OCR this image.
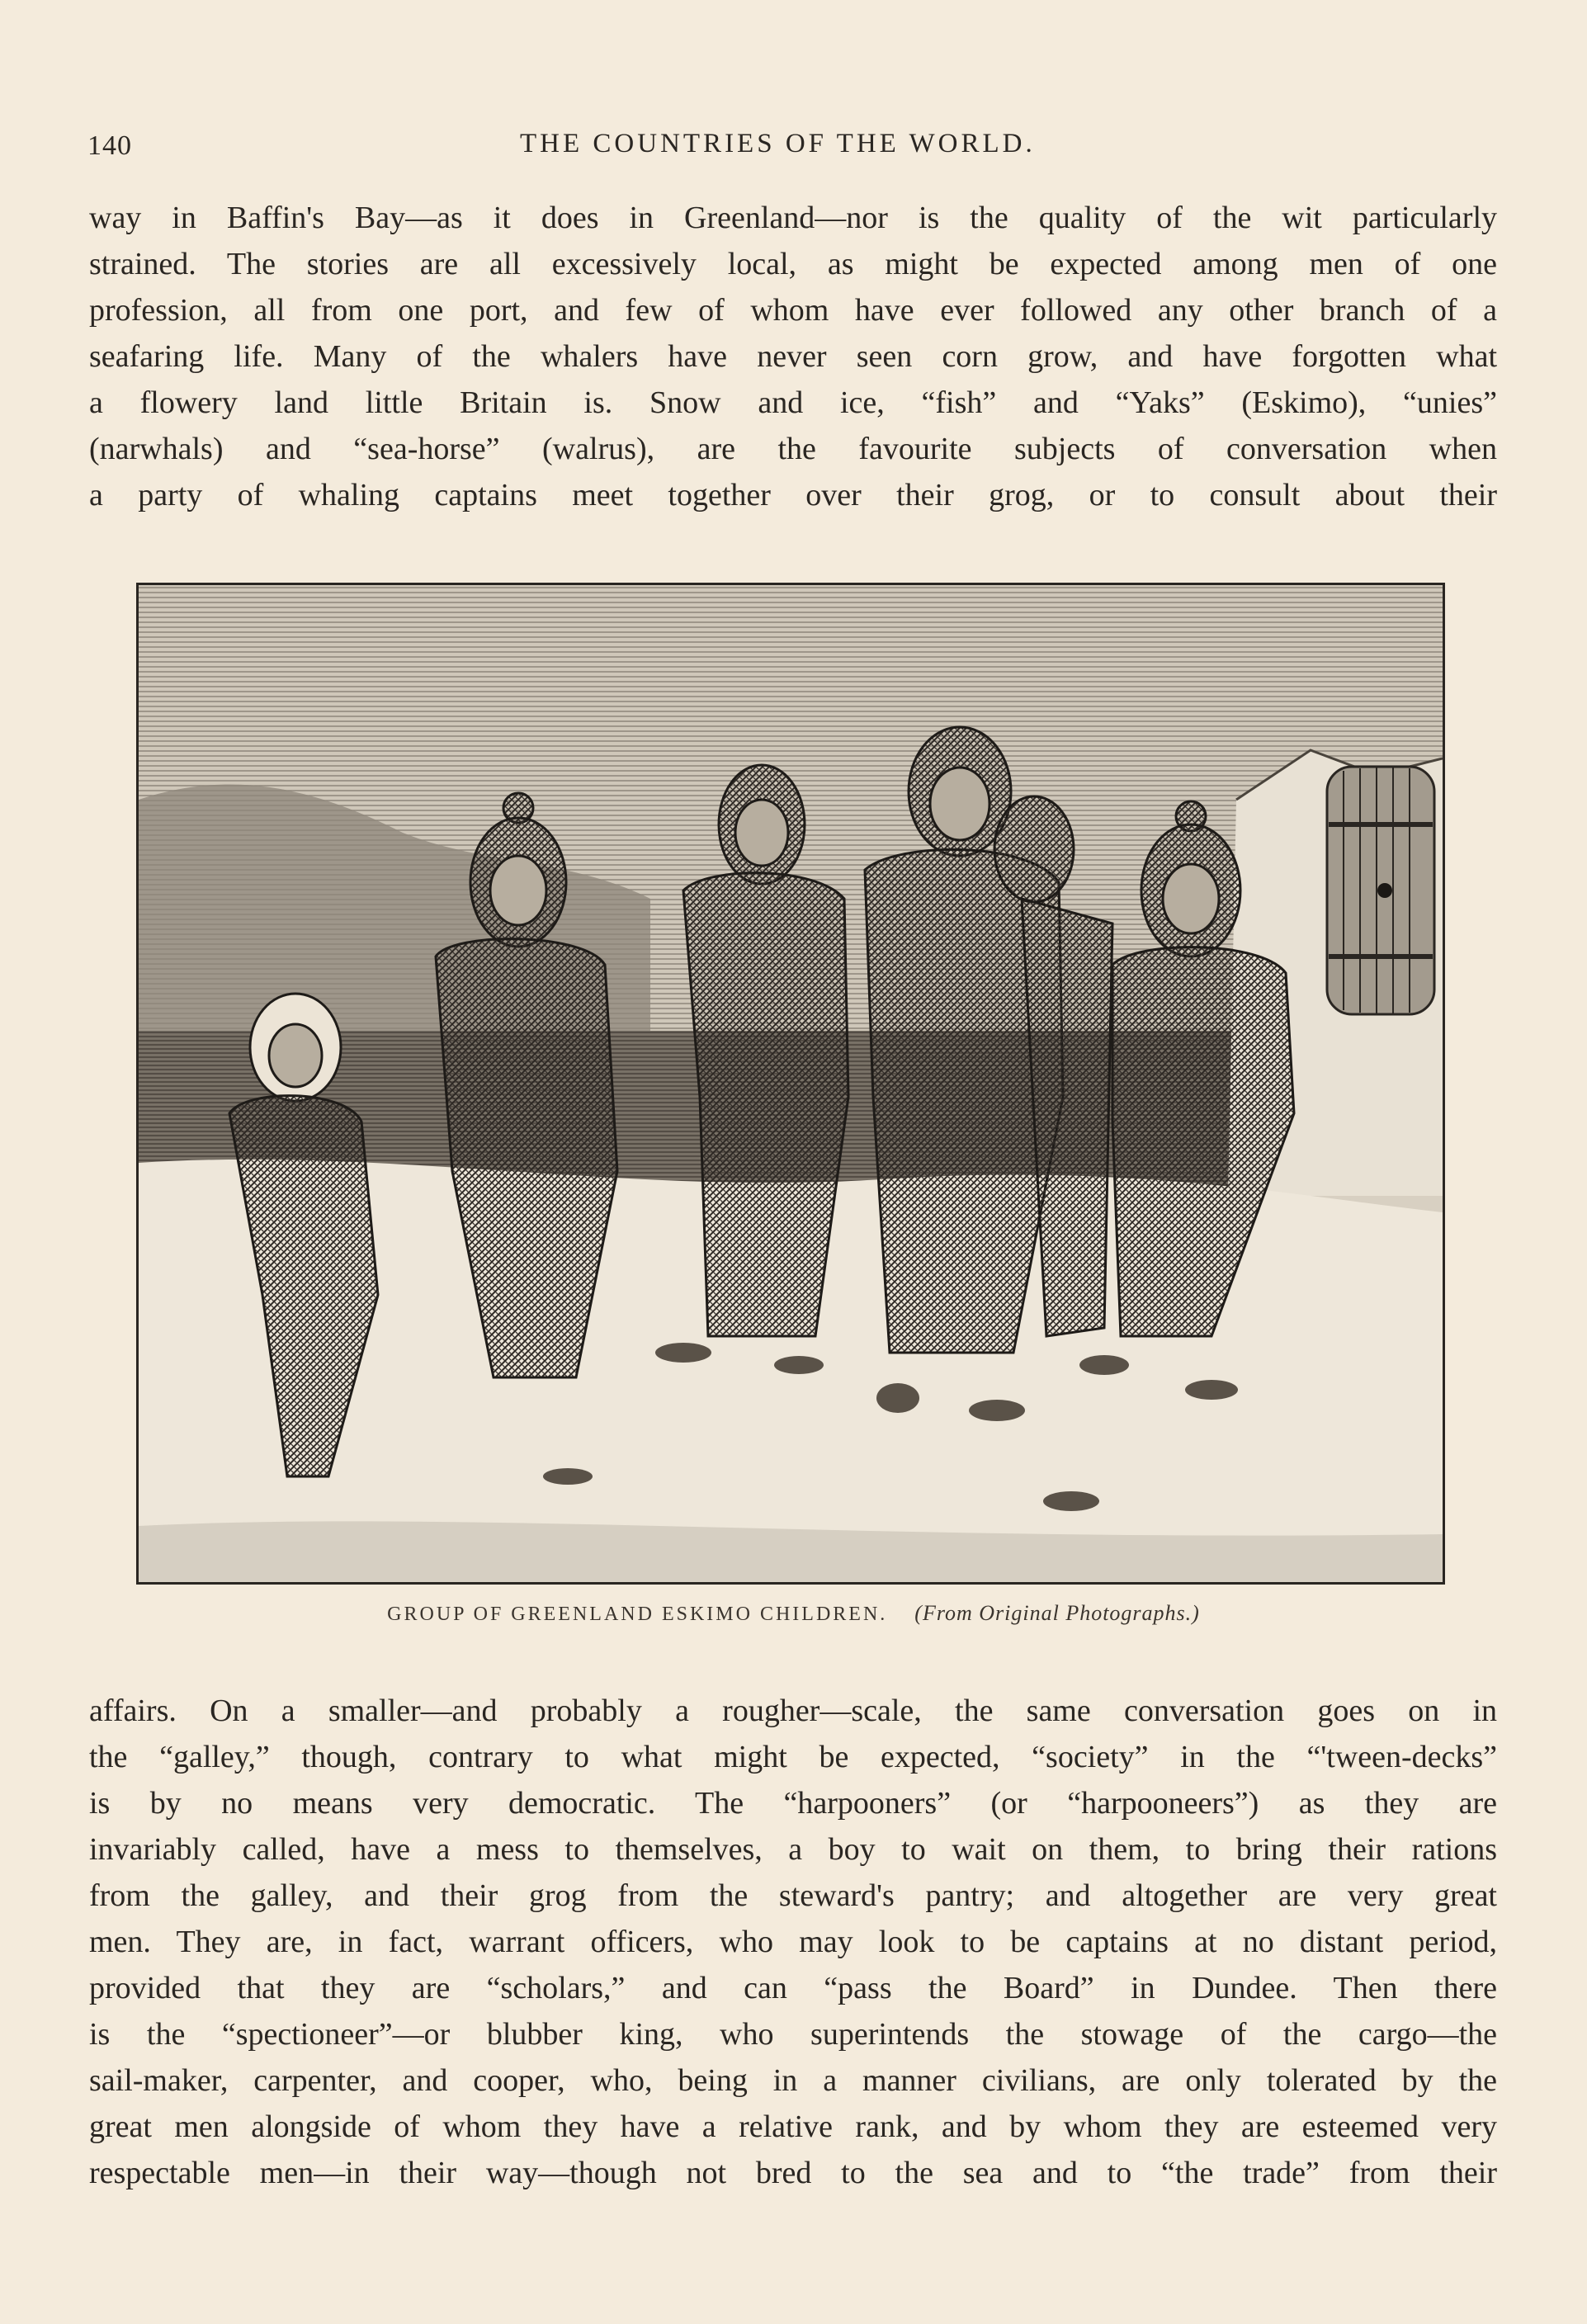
140	THE COUNTRIES OF THE WORLD.
way in Baffin's Bay—as it does in Greenland—nor is the quality of the wit particularly
strained. The stories are all excessively local, as might be expected among men of one
profession, all from one port, and few of whom have ever followed any other branch of a
seafaring life. Many of the whalers have never seen corn grow, and have forgotten what
a flowery land little Britain is. Snow and ice, “fish” and “Yaks” (Eskimo), “unies”
(narwhals) and “sea-horse” (walrus), are the favourite subjects of conversation when
a party of whaling captains meet together over their grog, or to consult about their
GROUP OF GREENLAND ESKIMO CHILDREN. (From Original Photographs.)
affairs. On a smaller—and probably a rougher—scale, the same conversation goes on in
the “galley,” though, contrary to what might be expected, “society” in the “'tween-decks”
is by no means very democratic. The “harpooners” (or “harpooneers”) as they are
invariably called, have a mess to themselves, a boy to wait on them, to bring their rations
from the galley, and their grog from the steward's pantry; and altogether are very great
men. They are, in fact, warrant officers, who may look to be captains at no distant period,
provided that they are “scholars,” and can “pass the Board” in Dundee. Then there
is the “spectioneer”—or blubber king, who superintends the stowage of the cargo—the
sail-maker, carpenter, and cooper, who, being in a manner civilians, are only tolerated by the
great men alongside of whom they have a relative rank, and by whom they are esteemed very
respectable men—in their way—though not bred to the sea and to “the trade” from their
